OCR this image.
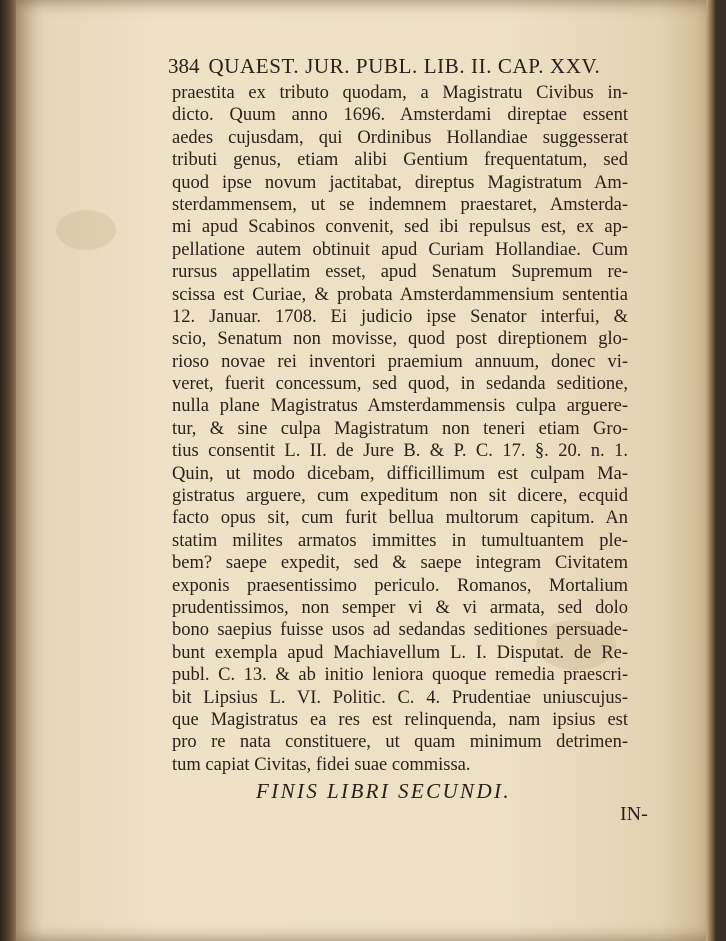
384 QUAEST. JUR. PUBL. LIB. II. CAP. XXV.
praestita ex tributo quodam, a Magistratu Civibus in-
dicto. Quum anno 1696. Amsterdami direptae essent
aedes cujusdam, qui Ordinibus Hollandiae suggesserat
tributi genus, etiam alibi Gentium frequentatum, sed
quod ipse novum jactitabat, direptus Magistratum Am-
sterdammensem, ut se indemnem praestaret, Amsterda-
mi apud Scabinos convenit, sed ibi repulsus est, ex ap-
pellatione autem obtinuit apud Curiam Hollandiae. Cum
rursus appellatim esset, apud Senatum Supremum re-
scissa est Curiae, & probata Amsterdammensium sententia
12. Januar. 1708. Ei judicio ipse Senator interfui, &
scio, Senatum non movisse, quod post direptionem glo-
rioso novae rei inventori praemium annuum, donec vi-
veret, fuerit concessum, sed quod, in sedanda seditione,
nulla plane Magistratus Amsterdammensis culpa arguere-
tur, & sine culpa Magistratum non teneri etiam Gro-
tius consentit L. II. de Jure B. & P. C. 17. §. 20. n. 1.
Quin, ut modo dicebam, difficillimum est culpam Ma-
gistratus arguere, cum expeditum non sit dicere, ecquid
facto opus sit, cum furit bellua multorum capitum. An
statim milites armatos immittes in tumultuantem ple-
bem? saepe expedit, sed & saepe integram Civitatem
exponis praesentissimo periculo. Romanos, Mortalium
prudentissimos, non semper vi & vi armata, sed dolo
bono saepius fuisse usos ad sedandas seditiones persuade-
bunt exempla apud Machiavellum L. I. Disputat. de Re-
publ. C. 13. & ab initio leniora quoque remedia praescri-
bit Lipsius L. VI. Politic. C. 4. Prudentiae uniuscujus-
que Magistratus ea res est relinquenda, nam ipsius est
pro re nata constituere, ut quam minimum detrimen-
tum capiat Civitas, fidei suae commissa.
FINIS LIBRI SECUNDI.
IN-
